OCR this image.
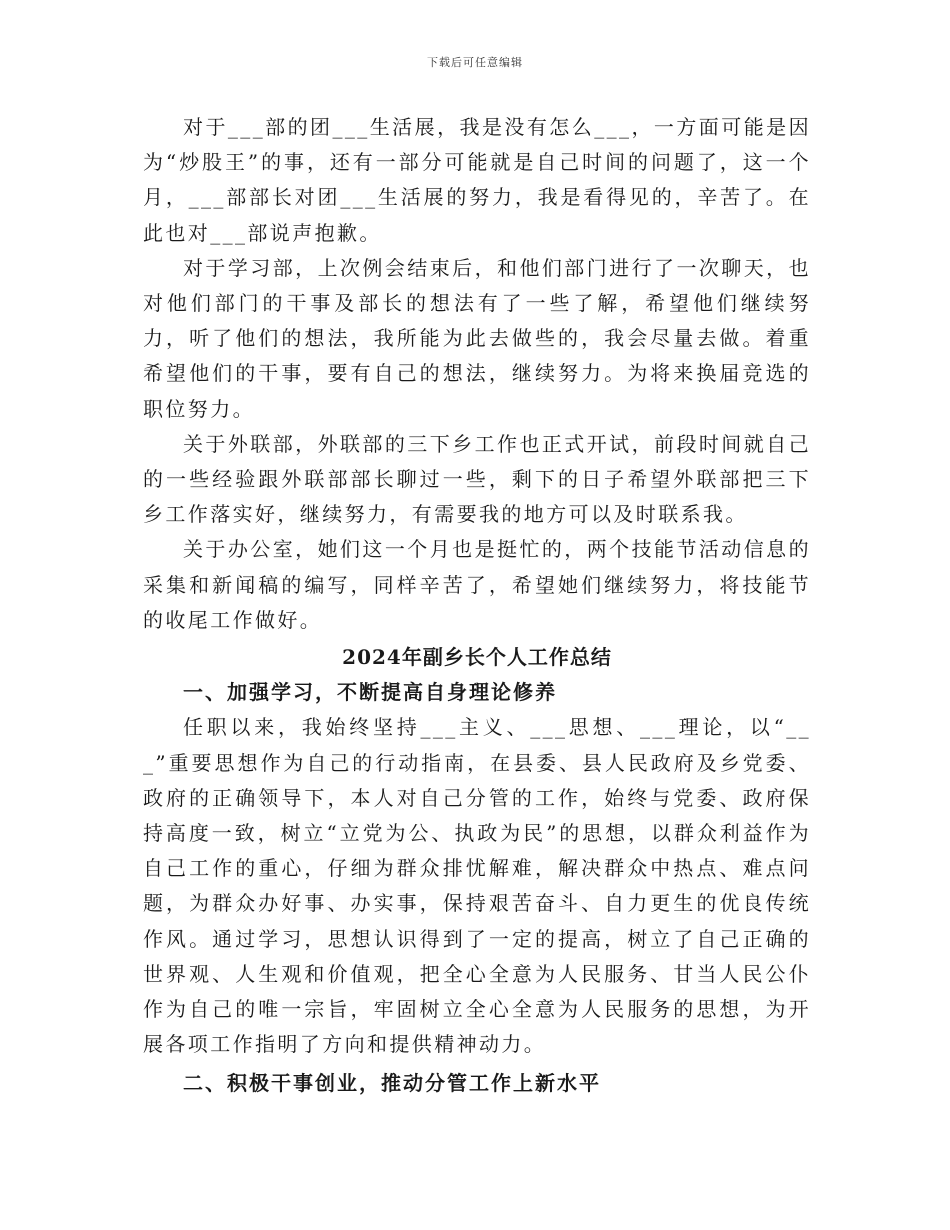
下载后可任意编辑

对于___部的团___生活展，我是没有怎么___，一方面可能是因为“炒股王”的事，还有一部分可能就是自己时间的问题了，这一个月，___部部长对团___生活展的努力，我是看得见的，辛苦了。在此也对___部说声抱歉。

对于学习部，上次例会结束后，和他们部门进行了一次聊天，也对他们部门的干事及部长的想法有了一些了解，希望他们继续努力，听了他们的想法，我所能为此去做些的，我会尽量去做。着重希望他们的干事，要有自己的想法，继续努力。为将来换届竞选的职位努力。

关于外联部，外联部的三下乡工作也正式开试，前段时间就自己的一些经验跟外联部部长聊过一些，剩下的日子希望外联部把三下乡工作落实好，继续努力，有需要我的地方可以及时联系我。

关于办公室，她们这一个月也是挺忙的，两个技能节活动信息的采集和新闻稿的编写，同样辛苦了，希望她们继续努力，将技能节的收尾工作做好。

2024年副乡长个人工作总结

一、加强学习，不断提高自身理论修养

任职以来，我始终坚持___主义、___思想、___理论，以“___”重要思想作为自己的行动指南，在县委、县人民政府及乡党委、政府的正确领导下，本人对自己分管的工作，始终与党委、政府保持高度一致，树立“立党为公、执政为民”的思想，以群众利益作为自己工作的重心，仔细为群众排忧解难，解决群众中热点、难点问题，为群众办好事、办实事，保持艰苦奋斗、自力更生的优良传统作风。通过学习，思想认识得到了一定的提高，树立了自己正确的世界观、人生观和价值观，把全心全意为人民服务、甘当人民公仆作为自己的唯一宗旨，牢固树立全心全意为人民服务的思想，为开展各项工作指明了方向和提供精神动力。

二、积极干事创业，推动分管工作上新水平
